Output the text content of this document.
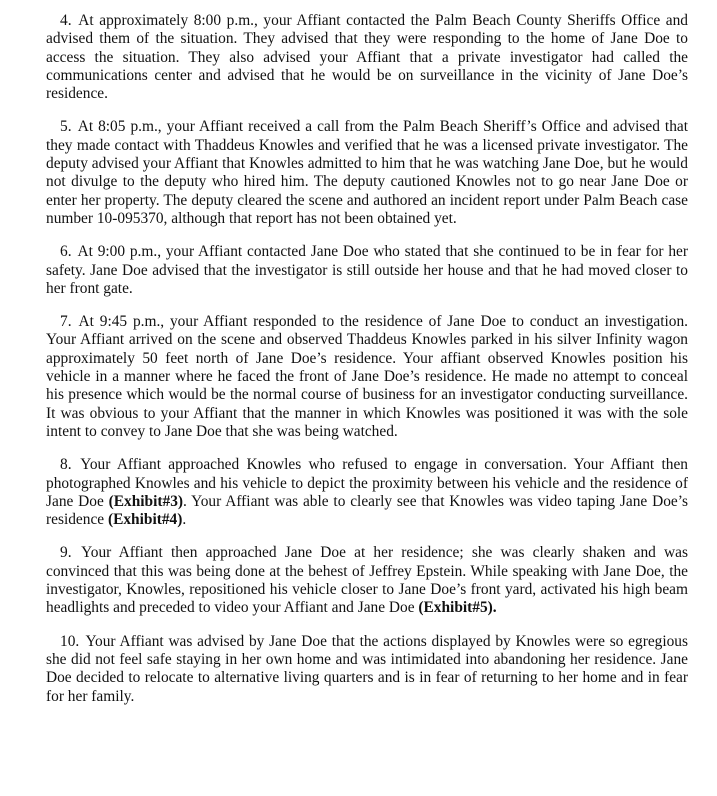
4. At approximately 8:00 p.m., your Affiant contacted the Palm Beach County Sheriffs Office and advised them of the situation. They advised that they were responding to the home of Jane Doe to access the situation. They also advised your Affiant that a private investigator had called the communications center and advised that he would be on surveillance in the vicinity of Jane Doe’s residence.

5. At 8:05 p.m., your Affiant received a call from the Palm Beach Sheriff’s Office and advised that they made contact with Thaddeus Knowles and verified that he was a licensed private investigator. The deputy advised your Affiant that Knowles admitted to him that he was watching Jane Doe, but he would not divulge to the deputy who hired him. The deputy cautioned Knowles not to go near Jane Doe or enter her property. The deputy cleared the scene and authored an incident report under Palm Beach case number 10-095370, although that report has not been obtained yet.

6. At 9:00 p.m., your Affiant contacted Jane Doe who stated that she continued to be in fear for her safety. Jane Doe advised that the investigator is still outside her house and that he had moved closer to her front gate.

7. At 9:45 p.m., your Affiant responded to the residence of Jane Doe to conduct an investigation. Your Affiant arrived on the scene and observed Thaddeus Knowles parked in his silver Infinity wagon approximately 50 feet north of Jane Doe’s residence. Your affiant observed Knowles position his vehicle in a manner where he faced the front of Jane Doe’s residence. He made no attempt to conceal his presence which would be the normal course of business for an investigator conducting surveillance. It was obvious to your Affiant that the manner in which Knowles was positioned it was with the sole intent to convey to Jane Doe that she was being watched.

8. Your Affiant approached Knowles who refused to engage in conversation. Your Affiant then photographed Knowles and his vehicle to depict the proximity between his vehicle and the residence of Jane Doe (Exhibit#3). Your Affiant was able to clearly see that Knowles was video taping Jane Doe’s residence (Exhibit#4).

9. Your Affiant then approached Jane Doe at her residence; she was clearly shaken and was convinced that this was being done at the behest of Jeffrey Epstein. While speaking with Jane Doe, the investigator, Knowles, repositioned his vehicle closer to Jane Doe’s front yard, activated his high beam headlights and preceded to video your Affiant and Jane Doe (Exhibit#5).

10. Your Affiant was advised by Jane Doe that the actions displayed by Knowles were so egregious she did not feel safe staying in her own home and was intimidated into abandoning her residence. Jane Doe decided to relocate to alternative living quarters and is in fear of returning to her home and in fear for her family.
